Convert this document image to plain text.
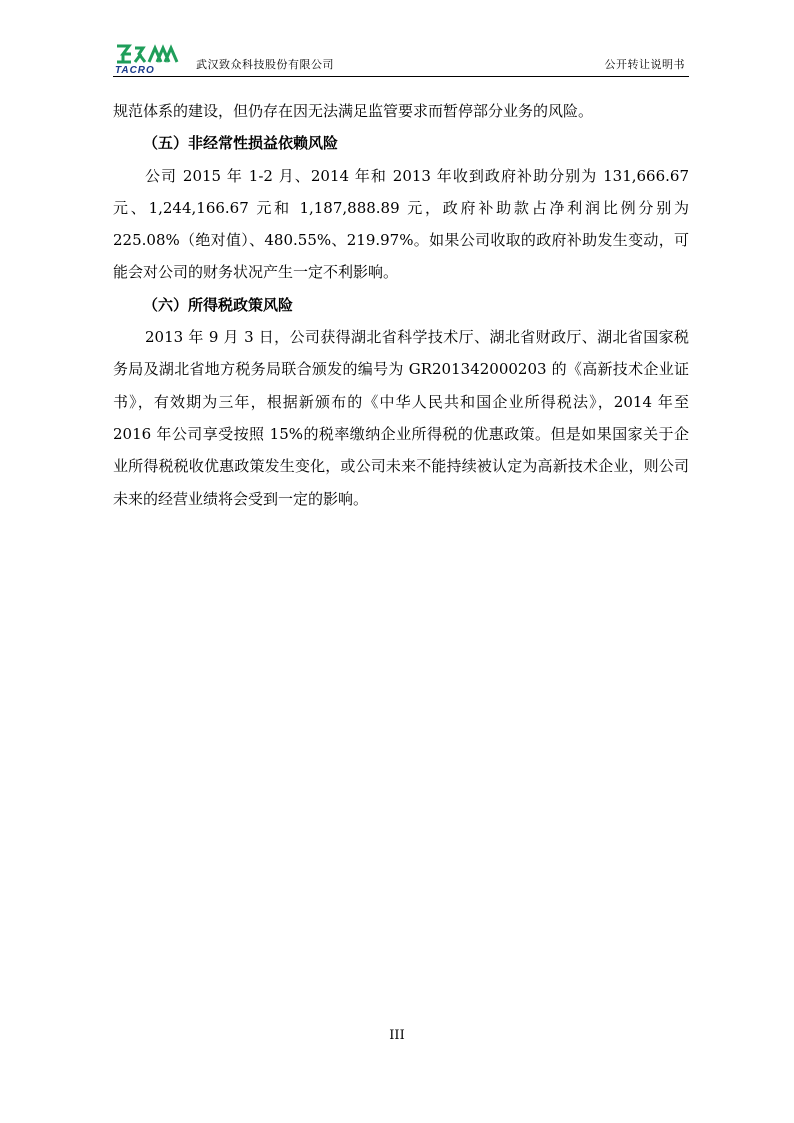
TACRO	武汉致众科技股份有限公司	公开转让说明书

规范体系的建设，但仍存在因无法满足监管要求而暂停部分业务的风险。

（五）非经常性损益依赖风险

公司 2015 年 1-2 月、2014 年和 2013 年收到政府补助分别为 131,666.67 元、1,244,166.67 元和 1,187,888.89 元，政府补助款占净利润比例分别为 225.08%（绝对值）、480.55%、219.97%。如果公司收取的政府补助发生变动，可能会对公司的财务状况产生一定不利影响。

（六）所得税政策风险

2013 年 9 月 3 日，公司获得湖北省科学技术厅、湖北省财政厅、湖北省国家税务局及湖北省地方税务局联合颁发的编号为 GR201342000203 的《高新技术企业证书》，有效期为三年，根据新颁布的《中华人民共和国企业所得税法》，2014 年至 2016 年公司享受按照 15%的税率缴纳企业所得税的优惠政策。但是如果国家关于企业所得税税收优惠政策发生变化，或公司未来不能持续被认定为高新技术企业，则公司未来的经营业绩将会受到一定的影响。

III
